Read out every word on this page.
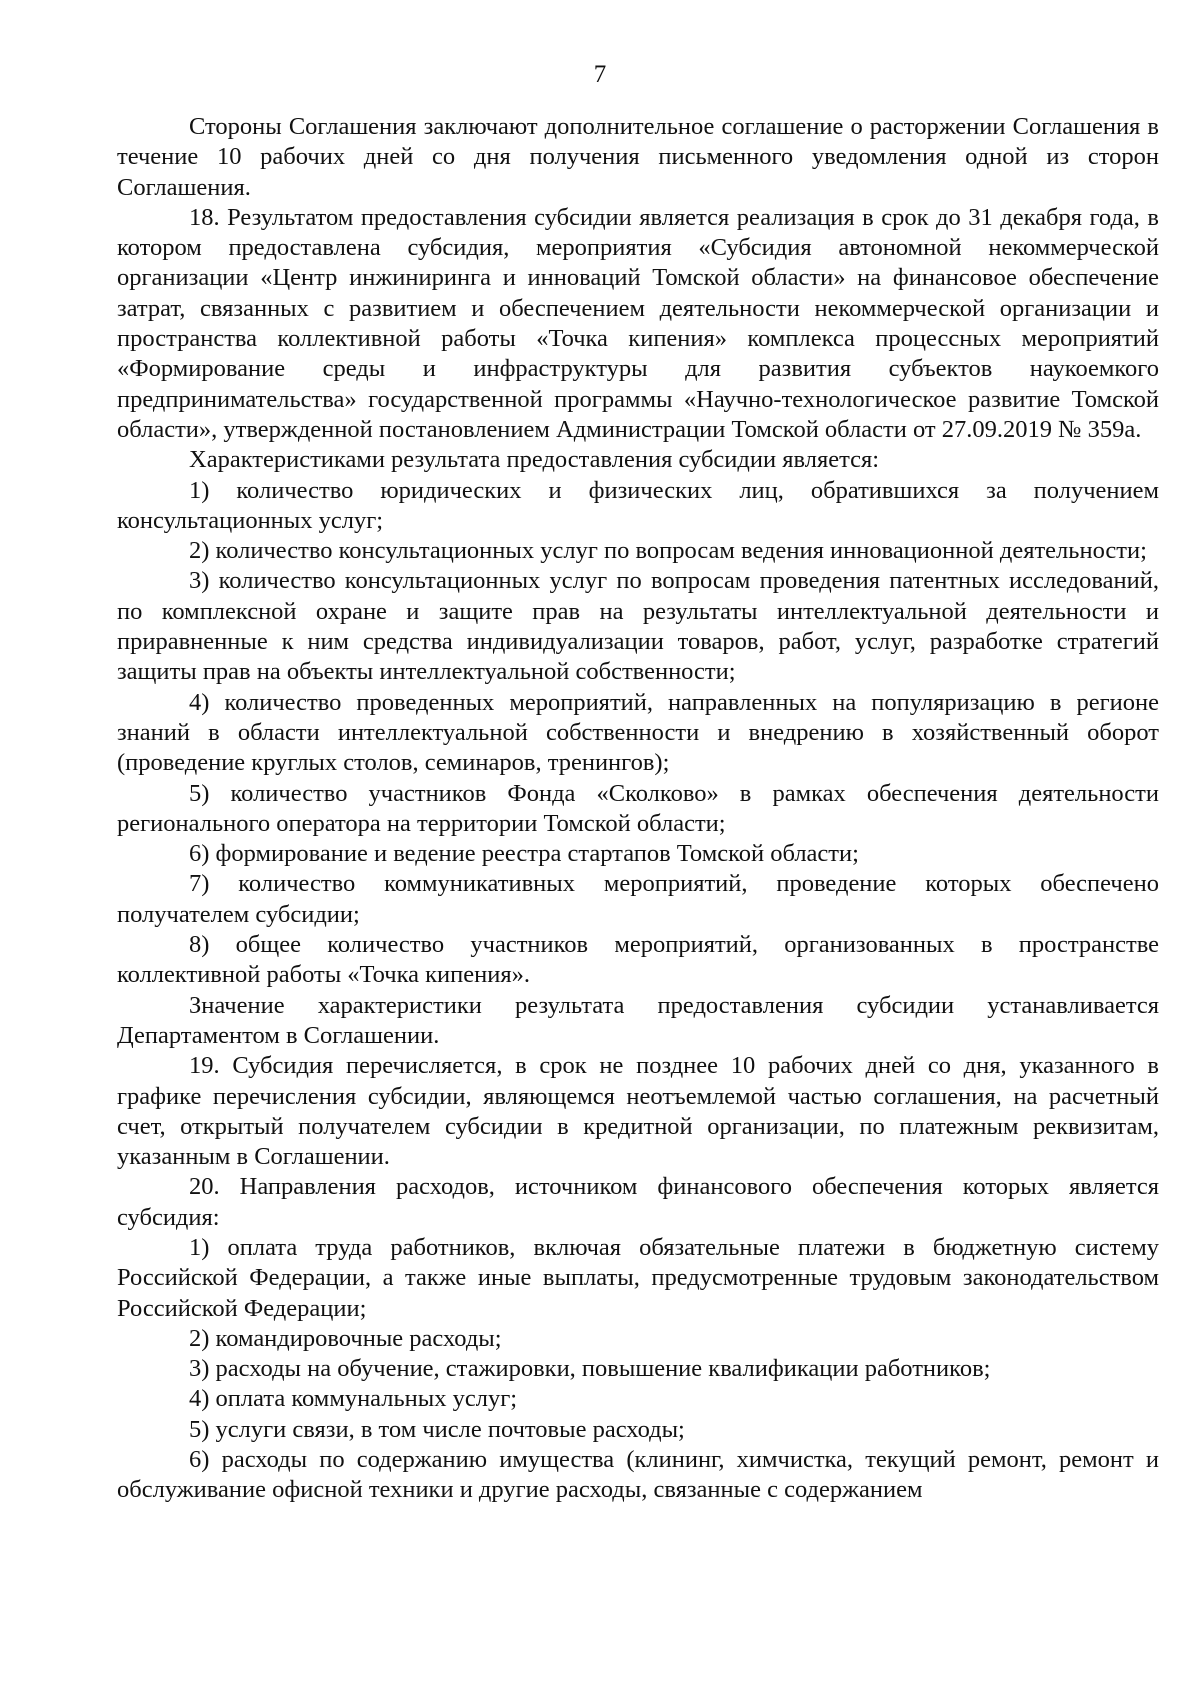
7

Стороны Соглашения заключают дополнительное соглашение о расторжении Соглашения в течение 10 рабочих дней со дня получения письменного уведомления одной из сторон Соглашения.

18. Результатом предоставления субсидии является реализация в срок до 31 декабря года, в котором предоставлена субсидия, мероприятия «Субсидия автономной некоммерческой организации «Центр инжиниринга и инноваций Томской области» на финансовое обеспечение затрат, связанных с развитием и обеспечением деятельности некоммерческой организации и пространства коллективной работы «Точка кипения» комплекса процессных мероприятий «Формирование среды и инфраструктуры для развития субъектов наукоемкого предпринимательства» государственной программы «Научно-технологическое развитие Томской области», утвержденной постановлением Администрации Томской области от 27.09.2019 № 359а.

Характеристиками результата предоставления субсидии является:

1) количество юридических и физических лиц, обратившихся за получением консультационных услуг;

2) количество консультационных услуг по вопросам ведения инновационной деятельности;

3) количество консультационных услуг по вопросам проведения патентных исследований, по комплексной охране и защите прав на результаты интеллектуальной деятельности и приравненные к ним средства индивидуализации товаров, работ, услуг, разработке стратегий защиты прав на объекты интеллектуальной собственности;

4) количество проведенных мероприятий, направленных на популяризацию в регионе знаний в области интеллектуальной собственности и внедрению в хозяйственный оборот (проведение круглых столов, семинаров, тренингов);

5) количество участников Фонда «Сколково» в рамках обеспечения деятельности регионального оператора на территории Томской области;

6) формирование и ведение реестра стартапов Томской области;

7) количество коммуникативных мероприятий, проведение которых обеспечено получателем субсидии;

8) общее количество участников мероприятий, организованных в пространстве коллективной работы «Точка кипения».

Значение характеристики результата предоставления субсидии устанавливается Департаментом в Соглашении.

19. Субсидия перечисляется, в срок не позднее 10 рабочих дней со дня, указанного в графике перечисления субсидии, являющемся неотъемлемой частью соглашения, на расчетный счет, открытый получателем субсидии в кредитной организации, по платежным реквизитам, указанным в Соглашении.

20. Направления расходов, источником финансового обеспечения которых является субсидия:

1) оплата труда работников, включая обязательные платежи в бюджетную систему Российской Федерации, а также иные выплаты, предусмотренные трудовым законодательством Российской Федерации;

2) командировочные расходы;

3) расходы на обучение, стажировки, повышение квалификации работников;

4) оплата коммунальных услуг;

5) услуги связи, в том числе почтовые расходы;

6) расходы по содержанию имущества (клининг, химчистка, текущий ремонт, ремонт и обслуживание офисной техники и другие расходы, связанные с содержанием
